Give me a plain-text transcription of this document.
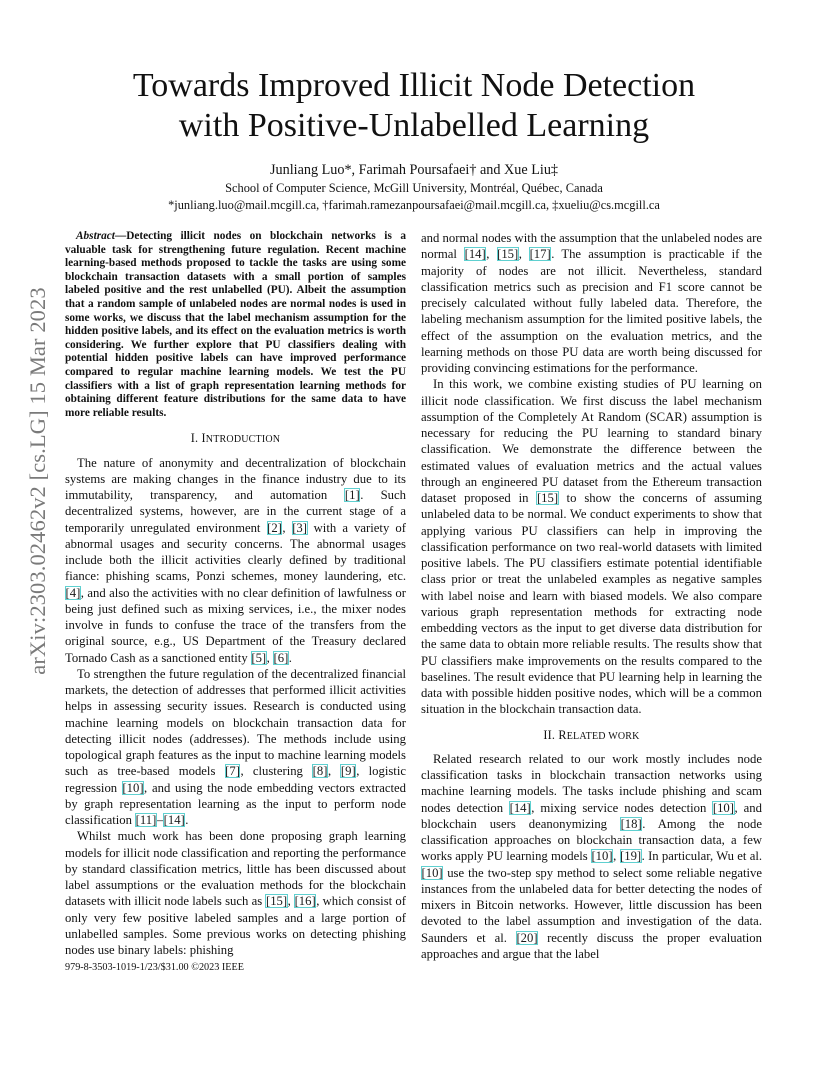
arXiv:2303.02462v2 [cs.LG] 15 Mar 2023
Towards Improved Illicit Node Detection
with Positive-Unlabelled Learning
Junliang Luo*, Farimah Poursafaei† and Xue Liu‡
School of Computer Science, McGill University, Montréal, Québec, Canada
*junliang.luo@mail.mcgill.ca, †farimah.ramezanpoursafaei@mail.mcgill.ca, ‡xueliu@cs.mcgill.ca

Abstract—Detecting illicit nodes on blockchain networks is a valuable task for strengthening future regulation. Recent machine learning-based methods proposed to tackle the tasks are using some blockchain transaction datasets with a small portion of samples labeled positive and the rest unlabelled (PU). Albeit the assumption that a random sample of unlabeled nodes are normal nodes is used in some works, we discuss that the label mechanism assumption for the hidden positive labels, and its effect on the evaluation metrics is worth considering. We further explore that PU classifiers dealing with potential hidden positive labels can have improved performance compared to regular machine learning models. We test the PU classifiers with a list of graph representation learning methods for obtaining different feature distributions for the same data to have more reliable results.

I. INTRODUCTION

The nature of anonymity and decentralization of blockchain systems are making changes in the finance industry due to its immutability, transparency, and automation [1]. Such decentralized systems, however, are in the current stage of a temporarily unregulated environment [2], [3] with a variety of abnormal usages and security concerns. The abnormal usages include both the illicit activities clearly defined by traditional fiance: phishing scams, Ponzi schemes, money laundering, etc. [4], and also the activities with no clear definition of lawfulness or being just defined such as mixing services, i.e., the mixer nodes involve in funds to confuse the trace of the transfers from the original source, e.g., US Department of the Treasury declared Tornado Cash as a sanctioned entity [5], [6].

To strengthen the future regulation of the decentralized financial markets, the detection of addresses that performed illicit activities helps in assessing security issues. Research is conducted using machine learning models on blockchain transaction data for detecting illicit nodes (addresses). The methods include using topological graph features as the input to machine learning models such as tree-based models [7], clustering [8], [9], logistic regression [10], and using the node embedding vectors extracted by graph representation learning as the input to perform node classification [11]–[14].

Whilst much work has been done proposing graph learning models for illicit node classification and reporting the performance by standard classification metrics, little has been discussed about label assumptions or the evaluation methods for the blockchain datasets with illicit node labels such as [15], [16], which consist of only very few positive labeled samples and a large portion of unlabelled samples. Some previous works on detecting phishing nodes use binary labels: phishing

and normal nodes with the assumption that the unlabeled nodes are normal [14], [15], [17]. The assumption is practicable if the majority of nodes are not illicit. Nevertheless, standard classification metrics such as precision and F1 score cannot be precisely calculated without fully labeled data. Therefore, the labeling mechanism assumption for the limited positive labels, the effect of the assumption on the evaluation metrics, and the learning methods on those PU data are worth being discussed for providing convincing estimations for the performance.

In this work, we combine existing studies of PU learning on illicit node classification. We first discuss the label mechanism assumption of the Completely At Random (SCAR) assumption is necessary for reducing the PU learning to standard binary classification. We demonstrate the difference between the estimated values of evaluation metrics and the actual values through an engineered PU dataset from the Ethereum transaction dataset proposed in [15] to show the concerns of assuming unlabeled data to be normal. We conduct experiments to show that applying various PU classifiers can help in improving the classification performance on two real-world datasets with limited positive labels. The PU classifiers estimate potential identifiable class prior or treat the unlabeled examples as negative samples with label noise and learn with biased models. We also compare various graph representation methods for extracting node embedding vectors as the input to get diverse data distribution for the same data to obtain more reliable results. The results show that PU classifiers make improvements on the results compared to the baselines. The result evidence that PU learning help in learning the data with possible hidden positive nodes, which will be a common situation in the blockchain transaction data.

II. RELATED WORK

Related research related to our work mostly includes node classification tasks in blockchain transaction networks using machine learning models. The tasks include phishing and scam nodes detection [14], mixing service nodes detection [10], and blockchain users deanonymizing [18]. Among the node classification approaches on blockchain transaction data, a few works apply PU learning models [10], [19]. In particular, Wu et al. [10] use the two-step spy method to select some reliable negative instances from the unlabeled data for better detecting the nodes of mixers in Bitcoin networks. However, little discussion has been devoted to the label assumption and investigation of the data. Saunders et al. [20] recently discuss the proper evaluation approaches and argue that the label

979-8-3503-1019-1/23/$31.00 ©2023 IEEE
